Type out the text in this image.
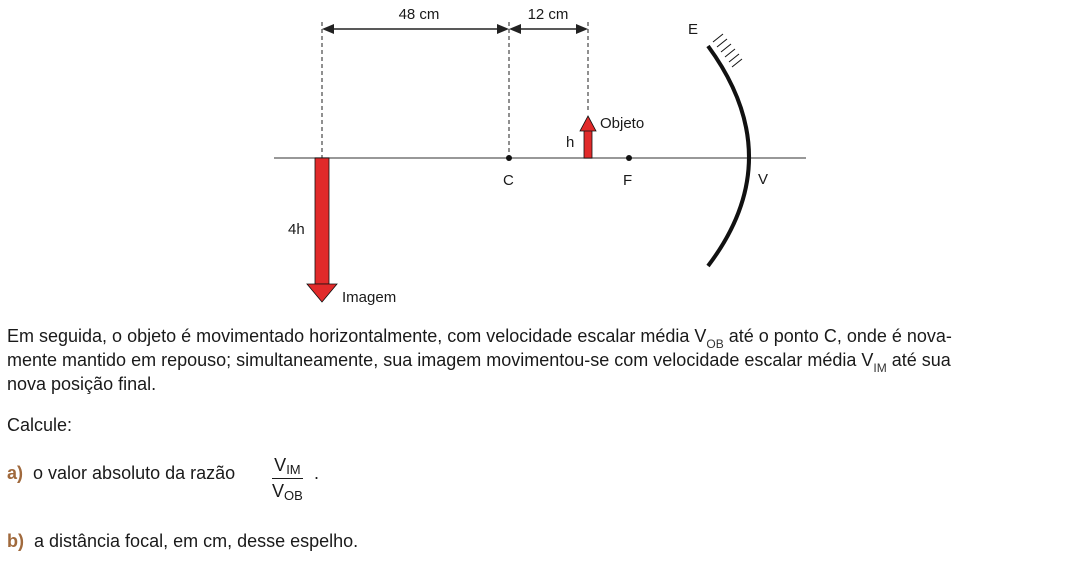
48 cm	12 cm
E
V
C	F
Objeto
h
4h
Imagem
Em seguida, o objeto é movimentado horizontalmente, com velocidade escalar média $V_{OB}$ até o ponto C, onde é nova-
mente mantido em repouso; simultaneamente, sua imagem movimentou-se com velocidade escalar média $V_{IM}$ até sua
nova posição final.
Calcule:
a) o valor absoluto da razão VIM
VOB
.
b) a distância focal, em cm, desse espelho.
